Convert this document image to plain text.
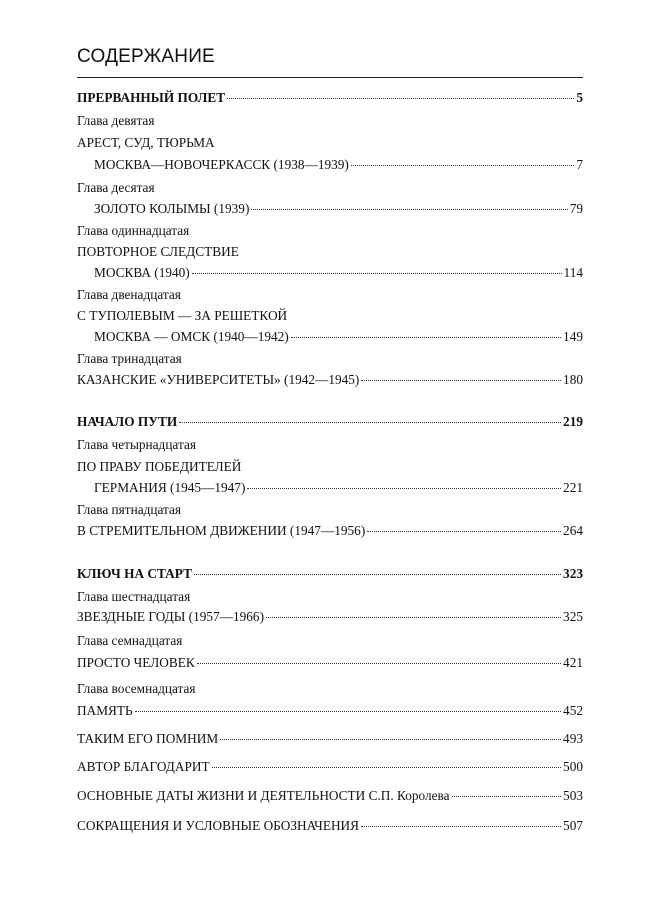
СОДЕРЖАНИЕ
ПРЕРВАННЫЙ ПОЛЕТ	5
Глава девятая
АРЕСТ, СУД, ТЮРЬМА
МОСКВА—НОВОЧЕРКАССК (1938—1939)	7
Глава десятая
ЗОЛОТО КОЛЫМЫ (1939)	79
Глава одиннадцатая
ПОВТОРНОЕ СЛЕДСТВИЕ
МОСКВА (1940)	114
Глава двенадцатая
С ТУПОЛЕВЫМ — ЗА РЕШЕТКОЙ
МОСКВА — ОМСК (1940—1942)	149
Глава тринадцатая
КАЗАНСКИЕ «УНИВЕРСИТЕТЫ» (1942—1945)	180
НАЧАЛО ПУТИ	219
Глава четырнадцатая
ПО ПРАВУ ПОБЕДИТЕЛЕЙ
ГЕРМАНИЯ (1945—1947)	221
Глава пятнадцатая
В СТРЕМИТЕЛЬНОМ ДВИЖЕНИИ (1947—1956)	264
КЛЮЧ НА СТАРТ	323
Глава шестнадцатая
ЗВЕЗДНЫЕ ГОДЫ (1957—1966)	325
Глава семнадцатая
ПРОСТО ЧЕЛОВЕК	421
Глава восемнадцатая
ПАМЯТЬ	452
ТАКИМ ЕГО ПОМНИМ	493
АВТОР БЛАГОДАРИТ	500
ОСНОВНЫЕ ДАТЫ ЖИЗНИ И ДЕЯТЕЛЬНОСТИ С.П. Королева	503
СОКРАЩЕНИЯ И УСЛОВНЫЕ ОБОЗНАЧЕНИЯ	507
